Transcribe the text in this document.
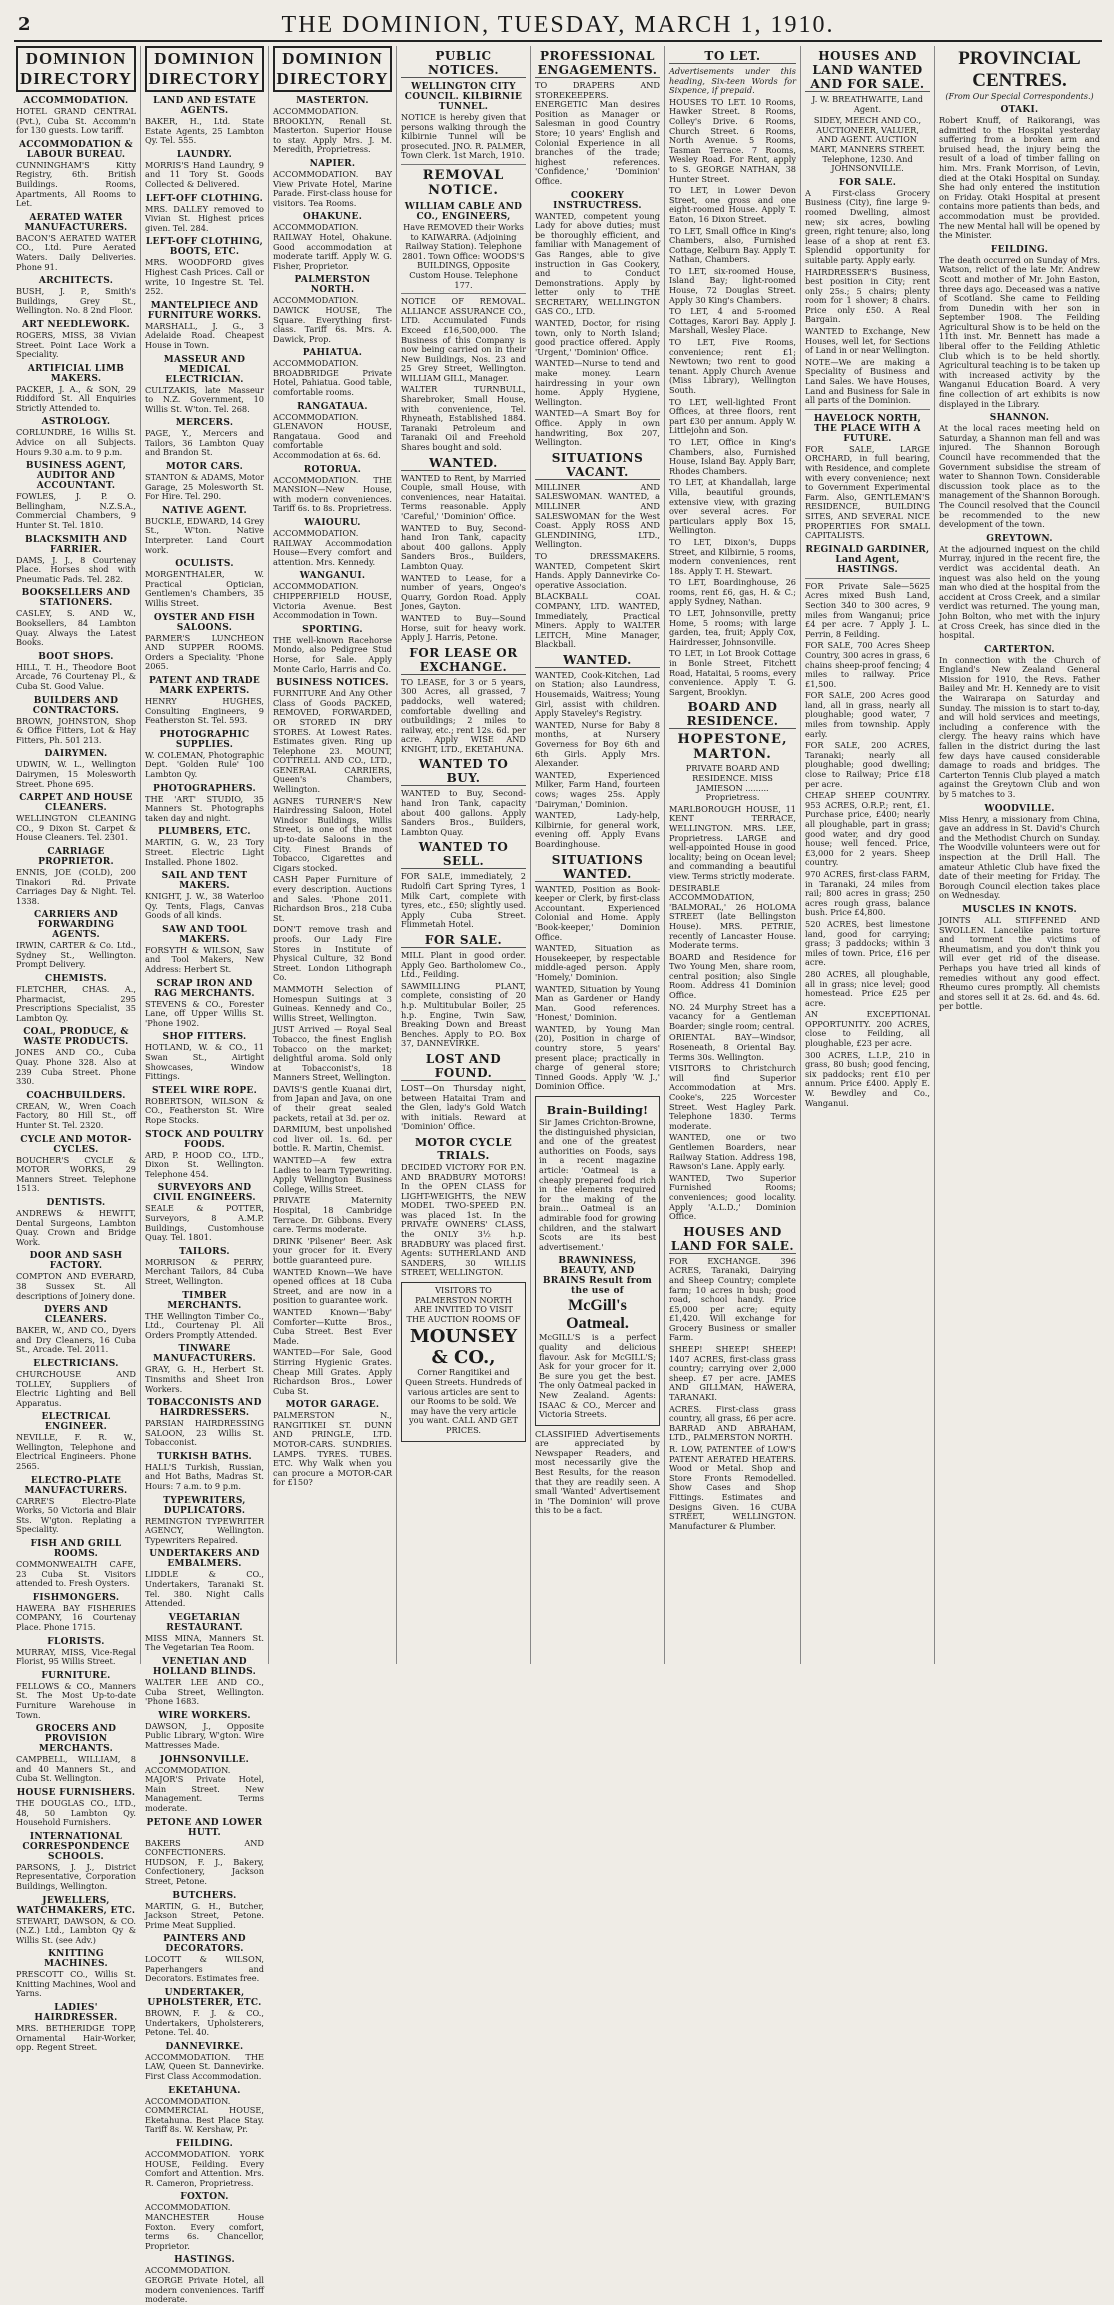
2	THE DOMINION, TUESDAY, MARCH 1, 1910.
DOMINION DIRECTORY
ACCOMMODATION.

HOTEL GRAND CENTRAL (Pvt.), Cuba St. Accomm'n for 130 guests. Low tariff.

ACCOMMODATION & LABOUR BUREAU.

CUNNINGHAM'S Kitty Registry, 6th. British Buildings. Rooms, Apartments, All Rooms to Let.

AERATED WATER MANUFACTURERS.

BACON'S AERATED WATER CO., Ltd. Pure Aerated Waters. Daily Deliveries. Phone 91.

ARCHITECTS.

BUSH, J. P., Smith's Buildings, Grey St., Wellington. No. 8 2nd Floor.

ART NEEDLEWORK.

ROGERS, MISS, 38 Vivian Street. Point Lace Work a Speciality.

ARTIFICIAL LIMB MAKERS.

PACKER, J. A., & SON, 29 Riddiford St. All Enquiries Strictly Attended to.

ASTROLOGY.

CORLUNDRE, 16 Willis St. Advice on all Subjects. Hours 9.30 a.m. to 9 p.m.

BUSINESS AGENT, AUDITOR AND ACCOUNTANT.

FOWLES, J. P. O. Bellingham, N.Z.S.A., Commercial Chambers, 9 Hunter St. Tel. 1810.

BLACKSMITH AND FARRIER.

DAMS, J. J., 8 Courtenay Place. Horses shod with Pneumatic Pads. Tel. 282.

BOOKSELLERS AND STATIONERS.

CASLEY, S. AND W., Booksellers, 84 Lambton Quay. Always the Latest Books.

BOOT SHOPS.

HILL, T. H., Theodore Boot Arcade, 76 Courtenay Pl., & Cuba St. Good Value.

BUILDERS AND CONTRACTORS.

BROWN, JOHNSTON, Shop & Office Fitters, Lot & Hay Fitters, Ph. 501 213.

DAIRYMEN.

UDWIN, W. L., Wellington Dairymen, 15 Molesworth Street. Phone 695.

CARPET AND HOUSE CLEANERS.

WELLINGTON CLEANING CO., 9 Dixon St. Carpet & House Cleaners. Tel. 2301.

CARRIAGE PROPRIETOR.

ENNIS, JOE (COLD), 200 Tinakori Rd. Private Carriages Day & Night. Tel. 1338.

CARRIERS AND FORWARDING AGENTS.

IRWIN, CARTER & Co. Ltd., Sydney St., Wellington. Prompt Delivery.

CHEMISTS.

FLETCHER, CHAS. A., Pharmacist, 295 Prescriptions Specialist, 35 Lambton Qy.

COAL, PRODUCE, & WASTE PRODUCTS.

JONES AND CO., Cuba Quay. Phone 328. Also at 239 Cuba Street. Phone 330.

COACHBUILDERS.

CREAN, W., Wren Coach Factory, 80 Hill St., off Hunter St. Tel. 2320.

CYCLE AND MOTOR-CYCLES.

BOUCHER'S CYCLE & MOTOR WORKS, 29 Manners Street. Telephone 1513.

DENTISTS.

ANDREWS & HEWITT, Dental Surgeons, Lambton Quay. Crown and Bridge Work.

DOOR AND SASH FACTORY.

COMPTON AND EVERARD, 38 Sussex St. All descriptions of Joinery done.

DYERS AND CLEANERS.

BAKER, W., AND CO., Dyers and Dry Cleaners, 16 Cuba St., Arcade. Tel. 2011.

ELECTRICIANS.

CHURCHOUSE AND TOLLEY, Suppliers of Electric Lighting and Bell Apparatus.

ELECTRICAL ENGINEER.

NEVILLE, F. R. W., Wellington, Telephone and Electrical Engineers. Phone 2565.

ELECTRO-PLATE MANUFACTURERS.

CARRE'S Electro-Plate Works, 50 Victoria and Blair Sts. W'gton. Replating a Speciality.

FISH AND GRILL ROOMS.

COMMONWEALTH CAFE, 23 Cuba St. Visitors attended to. Fresh Oysters.

FISHMONGERS.

HAWERA BAY FISHERIES COMPANY, 16 Courtenay Place. Phone 1715.

FLORISTS.

MURRAY, MISS, Vice-Regal Florist, 95 Willis Street.

FURNITURE.

FELLOWS & CO., Manners St. The Most Up-to-date Furniture Warehouse in Town.

GROCERS AND PROVISION MERCHANTS.

CAMPBELL, WILLIAM, 8 and 40 Manners St., and Cuba St. Wellington.

HOUSE FURNISHERS.

THE DOUGLAS CO., LTD., 48, 50 Lambton Qy. Household Furnishers.

INTERNATIONAL CORRESPONDENCE SCHOOLS.

PARSONS, J. J., District Representative, Corporation Buildings, Wellington.

JEWELLERS, WATCHMAKERS, ETC.

STEWART, DAWSON, & CO. (N.Z.) Ltd., Lambton Qy & Willis St. (see Adv.)

KNITTING MACHINES.

PRESCOTT CO., Willis St. Knitting Machines, Wool and Yarns.

LADIES' HAIRDRESSER.

MRS. BETHERIDGE TOPP, Ornamental Hair-Worker, opp. Regent Street.

DOMINION DIRECTORY
LAND AND ESTATE AGENTS.

BAKER, H., Ltd. State Estate Agents, 25 Lambton Qy. Tel. 555.

LAUNDRY.

MORRIS'S Hand Laundry, 9 and 11 Tory St. Goods Collected & Delivered.

LEFT-OFF CLOTHING.

MRS. DALLEY removed to Vivian St. Highest prices given. Tel. 284.

LEFT-OFF CLOTHING, BOOTS, ETC.

MRS. WOODFORD gives Highest Cash Prices. Call or write, 10 Ingestre St. Tel. 252.

MANTELPIECE AND FURNITURE WORKS.

MARSHALL, J. G., 3 Adelaide Road. Cheapest House in Town.

MASSEUR AND MEDICAL ELECTRICIAN.

CULTZAKIS, late Masseur to N.Z. Government, 10 Willis St. W'ton. Tel. 268.

MERCERS.

PAGE, Y., Mercers and Tailors, 36 Lambton Quay and Brandon St.

MOTOR CARS.

STANTON & ADAMS, Motor Garage, 25 Molesworth St. For Hire. Tel. 290.

NATIVE AGENT.

BUCKLE, EDWARD, 14 Grey St., W'ton. Native Interpreter. Land Court work.

OCULISTS.

MORGENTHALER, W. Practical Optician, Gentlemen's Chambers, 35 Willis Street.

OYSTER AND FISH SALOONS.

PARMER'S LUNCHEON AND SUPPER ROOMS. Orders a Speciality. 'Phone 2065.

PATENT AND TRADE MARK EXPERTS.

HENRY HUGHES, Consulting Engineers, 9 Featherston St. Tel. 593.

PHOTOGRAPHIC SUPPLIES.

W. COLEMAN, Photographic Dept. 'Golden Rule' 100 Lambton Qy.

PHOTOGRAPHERS.

THE 'ART' STUDIO, 35 Manners St. Photographs taken day and night.

PLUMBERS, ETC.

MARTIN, G. W., 23 Tory Street. Electric Light Installed. Phone 1802.

SAIL AND TENT MAKERS.

KNIGHT, J. W., 38 Waterloo Qy. Tents, Flags, Canvas Goods of all kinds.

SAW AND TOOL MAKERS.

FORSYTH & WILSON, Saw and Tool Makers, New Address: Herbert St.

SCRAP IRON AND RAG MERCHANTS.

STEVENS & CO., Forester Lane, off Upper Willis St. 'Phone 1902.

SHOP FITTERS.

HOTLAND, W. & CO., 11 Swan St., Airtight Showcases, Window Fittings.

STEEL WIRE ROPE.

ROBERTSON, WILSON & CO., Featherston St. Wire Rope Stocks.

STOCK AND POULTRY FOODS.

ARD, P. HOOD CO., LTD., Dixon St. Wellington. Telephone 454.

SURVEYORS AND CIVIL ENGINEERS.

SEALE & POTTER, Surveyors, 8 A.M.P. Buildings, Customhouse Quay. Tel. 1801.

TAILORS.

MORRISON & PERRY, Merchant Tailors, 84 Cuba Street, Wellington.

TIMBER MERCHANTS.

THE Wellington Timber Co., Ltd., Courtenay Pl. All Orders Promptly Attended.

TINWARE MANUFACTURERS.

GRAY, G. H., Herbert St. Tinsmiths and Sheet Iron Workers.

TOBACCONISTS AND HAIRDRESSERS.

PARSIAN HAIRDRESSING SALOON, 23 Willis St. Tobacconist.

TURKISH BATHS.

HALL'S Turkish, Russian, and Hot Baths, Madras St. Hours: 7 a.m. to 9 p.m.

TYPEWRITERS, DUPLICATORS.

REMINGTON TYPEWRITER AGENCY, Wellington. Typewriters Repaired.

UNDERTAKERS AND EMBALMERS.

LIDDLE & CO., Undertakers, Taranaki St. Tel. 380. Night Calls Attended.

VEGETARIAN RESTAURANT.

MISS MINA, Manners St. The Vegetarian Tea Room.

VENETIAN AND HOLLAND BLINDS.

WALTER LEE AND CO., Cuba Street, Wellington. 'Phone 1683.

WIRE WORKERS.

DAWSON, J., Opposite Public Library, W'gton. Wire Mattresses Made.

JOHNSONVILLE.

ACCOMMODATION. MAJOR'S Private Hotel, Main Street. New Management. Terms moderate.

PETONE AND LOWER HUTT.

BAKERS AND CONFECTIONERS. HUDSON, F. J., Bakery, Confectionery, Jackson Street, Petone.

BUTCHERS.

MARTIN, G. H., Butcher, Jackson Street, Petone. Prime Meat Supplied.

PAINTERS AND DECORATORS.

LOCOTT & WILSON, Paperhangers and Decorators. Estimates free.

UNDERTAKER, UPHOLSTERER, ETC.

BROWN, F. J. & CO., Undertakers, Upholsterers, Petone. Tel. 40.

DANNEVIRKE.

ACCOMMODATION. THE LAW, Queen St. Dannevirke. First Class Accommodation.

EKETAHUNA.

ACCOMMODATION. COMMERCIAL HOUSE, Eketahuna. Best Place Stay. Tariff 8s. W. Kershaw, Pr.

FEILDING.

ACCOMMODATION. YORK HOUSE, Feilding. Every Comfort and Attention. Mrs. R. Cameron, Proprietress.

FOXTON.

ACCOMMODATION. MANCHESTER House Foxton. Every comfort, terms 6s. Chancellor, Proprietor.

HASTINGS.

ACCOMMODATION. GEORGE Private Hotel, all modern conveniences. Tariff moderate.

DOMINION DIRECTORY
MASTERTON.

ACCOMMODATION. BROOKLYN, Renall St. Masterton. Superior House to stay. Apply Mrs. J. M. Meredith, Proprietress.

NAPIER.

ACCOMMODATION. BAY View Private Hotel, Marine Parade. First-class house for visitors. Tea Rooms.

OHAKUNE.

ACCOMMODATION. RAILWAY Hotel, Ohakune. Good accommodation at moderate tariff. Apply W. G. Fisher, Proprietor.

PALMERSTON NORTH.

ACCOMMODATION. DAWICK HOUSE, The Square. Everything first-class. Tariff 6s. Mrs. A. Dawick, Prop.

PAHIATUA.

ACCOMMODATION. BROADBRIDGE Private Hotel, Pahiatua. Good table, comfortable rooms.

RANGATAUA.

ACCOMMODATION. GLENAVON HOUSE, Rangataua. Good and comfortable Accommodation at 6s. 6d.

ROTORUA.

ACCOMMODATION. THE MANSION—New House, with modern conveniences. Tariff 6s. to 8s. Proprietress.

WAIOURU.

ACCOMMODATION. RAILWAY Accommodation House—Every comfort and attention. Mrs. Kennedy.

WANGANUI.

ACCOMMODATION. CHIPPERFIELD HOUSE, Victoria Avenue. Best Accommodation in Town.

SPORTING.

THE well-known Racehorse Mondo, also Pedigree Stud Horse, for Sale. Apply Monte Carlo, Harris and Co.

BUSINESS NOTICES.

FURNITURE And Any Other Class of Goods PACKED, REMOVED, FORWARDED, OR STORED IN DRY STORES. At Lowest Rates. Estimates given. Ring up Telephone 23. MOUNT, COTTRELL AND CO., LTD., GENERAL CARRIERS, Queen's Chambers, Wellington.

AGNES TURNER'S New Hairdressing Saloon, Hotel Windsor Buildings, Willis Street, is one of the most up-to-date Saloons in the City. Finest Brands of Tobacco, Cigarettes and Cigars stocked.

CASH Paper Furniture of every description. Auctions and Sales. 'Phone 2011. Richardson Bros., 218 Cuba St.

DON'T remove trash and proofs. Our Lady Fire Stores in Institute of Physical Culture, 32 Bond Street. London Lithograph Co.

MAMMOTH Selection of Homespun Suitings at 3 Guineas. Kennedy and Co., Willis Street, Wellington.

JUST Arrived — Royal Seal Tobacco, the finest English Tobacco on the market; delightful aroma. Sold only at Tobacconist's, 18 Manners Street, Wellington.

DAVIS'S gentle Kuanai dirt, from Japan and Java, on one of their great sealed packets, retail at 3d. per oz.

DARMIUM, best unpolished cod liver oil. 1s. 6d. per bottle. R. Martin, Chemist.

WANTED—A few extra Ladies to learn Typewriting. Apply Wellington Business College, Willis Street.

PRIVATE Maternity Hospital, 18 Cambridge Terrace. Dr. Gibbons. Every care. Terms moderate.

DRINK 'Pilsener' Beer. Ask your grocer for it. Every bottle guaranteed pure.

WANTED Known—We have opened offices at 18 Cuba Street, and are now in a position to guarantee work.

WANTED Known—'Baby' Comforter—Kutte Bros., Cuba Street. Best Ever Made.

WANTED—For Sale, Good Stirring Hygienic Grates. Cheap Mill Grates. Apply Richardson Bros., Lower Cuba St.

MOTOR GARAGE.

PALMERSTON N., RANGITIKEI ST. DUNN AND PRINGLE, LTD. MOTOR-CARS. SUNDRIES. LAMPS. TYRES. TUBES. ETC. Why Walk when you can procure a MOTOR-CAR for £150?

PUBLIC NOTICES.
WELLINGTON CITY COUNCIL. KILBIRNIE TUNNEL.

NOTICE is hereby given that persons walking through the Kilbirnie Tunnel will be prosecuted. JNO. R. PALMER, Town Clerk. 1st March, 1910.

REMOVAL NOTICE.
WILLIAM CABLE AND CO., ENGINEERS,

Have REMOVED their Works to KAIWARRA. (Adjoining Railway Station). Telephone 2801. Town Office: WOODS'S BUILDINGS, Opposite Custom House. Telephone 177.

NOTICE OF REMOVAL. ALLIANCE ASSURANCE CO., LTD. Accumulated Funds Exceed £16,500,000. The Business of this Company is now being carried on in their New Buildings, Nos. 23 and 25 Grey Street, Wellington. WILLIAM GILL, Manager.

WALTER TURNBULL, Sharebroker, Small House, with convenience, Tel. Rhyneath, Established 1884. Taranaki Petroleum and Taranaki Oil and Freehold Shares bought and sold.

WANTED.

WANTED to Rent, by Married Couple, small House, with conveniences, near Hataitai. Terms reasonable. Apply 'Careful,' 'Dominion' Office.

WANTED to Buy, Second-hand Iron Tank, capacity about 400 gallons. Apply Sanders Bros., Builders, Lambton Quay.

WANTED to Lease, for a number of years, Ongeo's Quarry, Gordon Road. Apply Jones, Gayton.

WANTED to Buy—Sound Horse, suit for heavy work. Apply J. Harris, Petone.

FOR LEASE OR EXCHANGE.

TO LEASE, for 3 or 5 years, 300 Acres, all grassed, 7 paddocks, well watered; comfortable dwelling and outbuildings; 2 miles to railway, etc.; rent 12s. 6d. per acre. Apply WISE AND KNIGHT, LTD., EKETAHUNA.

WANTED TO BUY.

WANTED to Buy, Second-hand Iron Tank, capacity about 400 gallons. Apply Sanders Bros., Builders, Lambton Quay.

WANTED TO SELL.

FOR SALE, immediately, 2 Rudolfi Cart Spring Tyres, 1 Milk Cart, complete with tyres, etc., £50; slightly used. Apply Cuba Street. Flimmetah Hotel.

FOR SALE.

MILL Plant in good order. Apply Geo. Bartholomew Co., Ltd., Feilding.

SAWMILLING PLANT, complete, consisting of 20 h.p. Multitubular Boiler, 25 h.p. Engine, Twin Saw, Breaking Down and Breast Benches. Apply to P.O. Box 37, DANNEVIRKE.

LOST AND FOUND.

LOST—On Thursday night, between Hataitai Tram and the Glen, lady's Gold Watch with initials. Reward at 'Dominion' Office.

MOTOR CYCLE TRIALS.

DECIDED VICTORY FOR P.N. AND BRADBURY MOTORS! In the OPEN CLASS for LIGHT-WEIGHTS, the NEW MODEL TWO-SPEED P.N. was placed 1st. In the PRIVATE OWNERS' CLASS, the ONLY 3½ h.p. BRADBURY was placed first. Agents: SUTHERLAND AND SANDERS, 30 WILLIS STREET, WELLINGTON.

VISITORS TO PALMERSTON NORTH ARE INVITED TO VISIT THE AUCTION ROOMS OF
MOUNSEY & CO.,
Corner Rangitikei and Queen Streets. Hundreds of various articles are sent to our Rooms to be sold. We may have the very article you want. CALL AND GET PRICES.
PROFESSIONAL ENGAGEMENTS.

TO DRAPERS AND STOREKEEPERS. ENERGETIC Man desires Position as Manager or Salesman in good Country Store; 10 years' English and Colonial Experience in all branches of the trade; highest references. 'Confidence,' 'Dominion' Office.

COOKERY INSTRUCTRESS.

WANTED, competent young Lady for above duties; must be thoroughly efficient, and familiar with Management of Gas Ranges, able to give instruction in Gas Cookery, and to Conduct Demonstrations. Apply by letter only to THE SECRETARY, WELLINGTON GAS CO., LTD.

WANTED, Doctor, for rising town, only to North Island; good practice offered. Apply 'Urgent,' 'Dominion' Office.

WANTED—Nurse to tend and make money. Learn hairdressing in your own home. Apply Hygiene, Wellington.

WANTED—A Smart Boy for Office. Apply in own handwriting, Box 207, Wellington.

SITUATIONS VACANT.

MILLINER AND SALESWOMAN. WANTED, a MILLINER AND SALESWOMAN for the West Coast. Apply ROSS AND GLENDINING, LTD., Wellington.

TO DRESSMAKERS. WANTED, Competent Skirt Hands. Apply Dannevirke Co-operative Association.

BLACKBALL COAL COMPANY, LTD. WANTED, Immediately, Practical Miners. Apply to WALTER LEITCH, Mine Manager, Blackball.

WANTED.

WANTED, Cook-Kitchen, Lad on Station; also Laundress, Housemaids, Waitress; Young Girl, assist with children. Apply Staveley's Registry.

WANTED, Nurse for Baby 8 months, at Nursery Governess for Boy 6th and 6th Girls. Apply Mrs. Alexander.

WANTED, Experienced Milker, Farm Hand, fourteen cows; wages 25s. Apply 'Dairyman,' Dominion.

WANTED, Lady-help, Kilbirnie, for general work, evening off. Apply Evans Boardinghouse.

SITUATIONS WANTED.

WANTED, Position as Book-keeper or Clerk, by first-class Accountant. Experienced Colonial and Home. Apply 'Book-keeper,' Dominion Office.

WANTED, Situation as Housekeeper, by respectable middle-aged person. Apply 'Homely,' Dominion.

WANTED, Situation by Young Man as Gardener or Handy Man. Good references. 'Honest,' Dominion.

WANTED, by Young Man (20), Position in charge of country store, 5 years' present place; practically in charge of general store; Tinned Goods. Apply 'W. J.,' Dominion Office.

Brain-Building!

Sir James Crichton-Browne, the distinguished physician, and one of the greatest authorities on Foods, says in a recent magazine article: 'Oatmeal is a cheaply prepared food rich in the elements required for the making of the brain... Oatmeal is an admirable food for growing children, and the stalwart Scots are its best advertisement.'

BRAWNINESS, BEAUTY, AND BRAINS Result from the use of
McGill's Oatmeal.

McGILL'S is a perfect quality and delicious flavour. Ask for McGILL'S; Ask for your grocer for it. Be sure you get the best. The only Oatmeal packed in New Zealand. Agents: ISAAC & CO., Mercer and Victoria Streets.

CLASSIFIED Advertisements are appreciated by Newspaper Readers, and most necessarily give the Best Results, for the reason that they are readily seen. A small 'Wanted' Advertisement in 'The Dominion' will prove this to be a fact.

TO LET.

Advertisements under this heading, Six-teen Words for Sixpence, if prepaid.

HOUSES TO LET. 10 Rooms, Hawker Street. 8 Rooms, Colley's Drive. 6 Rooms, Church Street. 6 Rooms, North Avenue. 5 Rooms, Tasman Terrace. 7 Rooms, Wesley Road. For Rent, apply to S. GEORGE NATHAN, 38 Hunter Street.

TO LET, in Lower Devon Street, one gross and one eight-roomed House. Apply T. Eaton, 16 Dixon Street.

TO LET, Small Office in King's Chambers, also, Furnished Cottage, Kelburn Bay. Apply T. Nathan, Chambers.

TO LET, six-roomed House, Island Bay; light-roomed House, 72 Douglas Street. Apply 30 King's Chambers.

TO LET, 4 and 5-roomed Cottages, Karori Bay. Apply J. Marshall, Wesley Place.

TO LET, Five Rooms, convenience; rent £1; Newtown; two rent to good tenant. Apply Church Avenue (Miss Library), Wellington South.

TO LET, well-lighted Front Offices, at three floors, rent part £30 per annum. Apply W. Littlejohn and Son.

TO LET, Office in King's Chambers, also, Furnished House, Island Bay. Apply Barr, Rhodes Chambers.

TO LET, at Khandallah, large Villa, beautiful grounds, extensive view, with grazing over several acres. For particulars apply Box 15, Wellington.

TO LET, Dixon's, Dupps Street, and Kilbirnie, 5 rooms, modern conveniences, rent 18s. Apply T. H. Stewart.

TO LET, Boardinghouse, 26 rooms, rent £6, gas, H. & C.; apply Sydney, Nathan.

TO LET, Johnsonville, pretty Home, 5 rooms; with large garden, tea, fruit; Apply Cox, Hairdresser, Johnsonville.

TO LET, in Lot Brook Cottage in Bonle Street, Fitchett Road, Hataitai, 5 rooms, every convenience. Apply T. G. Sargent, Brooklyn.

BOARD AND RESIDENCE.
HOPESTONE, MARTON.

PRIVATE BOARD AND RESIDENCE. MISS JAMIESON ......... Proprietress.

MARLBOROUGH HOUSE, 11 KENT TERRACE, WELLINGTON. MRS. LEE, Proprietress. LARGE and well-appointed House in good locality; being on Ocean level; and commanding a beautiful view. Terms strictly moderate.

DESIRABLE ACCOMMODATION, 'BALMORAL,' 26 HOLOMA STREET (late Bellingston House). MRS. PETRIE, recently of Lancaster House. Moderate terms.

BOARD and Residence for Two Young Men, share room, central position; also Single Room. Address 41 Dominion Office.

NO. 24 Murphy Street has a vacancy for a Gentleman Boarder; single room; central.

ORIENTAL BAY—Windsor, Roseneath, 8 Oriental Bay. Terms 30s. Wellington.

VISITORS to Christchurch will find Superior Accommodation at Mrs. Cooke's, 225 Worcester Street. West Hagley Park. Telephone 1830. Terms moderate.

WANTED, one or two Gentlemen Boarders, near Railway Station. Address 198, Rawson's Lane. Apply early.

WANTED, Two Superior Furnished Rooms; conveniences; good locality. Apply 'A.L.D.,' Dominion Office.

HOUSES AND LAND FOR SALE.

FOR EXCHANGE. 396 ACRES, Taranaki, Dairying and Sheep Country; complete farm; 10 acres in bush; good road, school handy. Price £5,000 per acre; equity £1,420. Will exchange for Grocery Business or smaller Farm.

SHEEP! SHEEP! SHEEP! 1407 ACRES, first-class grass country; carrying over 2,000 sheep. £7 per acre. JAMES AND GILLMAN, HAWERA, TARANAKI.

ACRES. First-class grass country, all grass, £6 per acre. BARRAD AND ABRAHAM, LTD., PALMERSTON NORTH.

R. LOW, PATENTEE of LOW'S PATENT AERATED HEATERS. Wood or Metal. Shop and Store Fronts Remodelled. Show Cases and Shop Fittings. Estimates and Designs Given. 16 CUBA STREET, WELLINGTON. Manufacturer & Plumber.

HOUSES AND LAND WANTED AND FOR SALE.

J. W. BREATHWAITE, Land Agent.

SIDEY, MEECH AND CO., AUCTIONEER, VALUER, AND AGENT. AUCTION MART, MANNERS STREET. Telephone, 1230. And JOHNSONVILLE.

FOR SALE.

A First-class Grocery Business (City), fine large 9-roomed Dwelling, almost new; six acres, bowling green, right tenure; also, long lease of a shop at rent £3. Splendid opportunity for suitable party. Apply early.

HAIRDRESSER'S Business, best position in City; rent only 25s.; 5 chairs; plenty room for 1 shower; 8 chairs. Price only £50. A Real Bargain.

WANTED to Exchange, New Houses, well let, for Sections of Land in or near Wellington.

NOTE—We are making a Speciality of Business and Land Sales. We have Houses, Land and Business for Sale in all parts of the Dominion.

HAVELOCK NORTH, THE PLACE WITH A FUTURE.

FOR SALE, LARGE ORCHARD, in full bearing, with Residence, and complete with every convenience; next to Government Experimental Farm. Also, GENTLEMAN'S RESIDENCE, BUILDING SITES, AND SEVERAL NICE PROPERTIES FOR SMALL CAPITALISTS.

REGINALD GARDINER, Land Agent, HASTINGS.

FOR Private Sale—5625 Acres mixed Bush Land, Section 340 to 300 acres, 9 miles from Wanganui; price £4 per acre. 7 Apply J. L. Perrin, 8 Feilding.

FOR SALE, 700 Acres Sheep Country, 300 acres in grass, 6 chains sheep-proof fencing; 4 miles to railway. Price £1,500.

FOR SALE, 200 Acres good land, all in grass, nearly all ploughable; good water, 7 miles from township. Apply early.

FOR SALE, 200 ACRES, Taranaki; nearly all ploughable; good dwelling; close to Railway; Price £18 per acre.

CHEAP SHEEP COUNTRY. 953 ACRES, O.R.P.; rent, £1. Purchase price, £400; nearly all ploughable, part in grass; good water, and dry good house; well fenced. Price, £3,000 for 2 years. Sheep country.

970 ACRES, first-class FARM, in Taranaki, 24 miles from rail; 800 acres in grass; 250 acres rough grass, balance bush. Price £4,800.

520 ACRES, best limestone land, good for carrying; grass; 3 paddocks; within 3 miles of town. Price, £16 per acre.

280 ACRES, all ploughable, all in grass; nice level; good homestead. Price £25 per acre.

AN EXCEPTIONAL OPPORTUNITY. 200 ACRES, close to Feilding, all ploughable, £23 per acre.

300 ACRES, L.I.P., 210 in grass, 80 bush; good fencing, six paddocks; rent £10 per annum. Price £400. Apply E. W. Bewdley and Co., Wanganui.

PROVINCIAL CENTRES.
(From Our Special Correspondents.)
OTAKI.

Robert Knuff, of Raikorangi, was admitted to the Hospital yesterday suffering from a broken arm and bruised head, the injury being the result of a load of timber falling on him. Mrs. Frank Morrison, of Levin, died at the Otaki Hospital on Sunday. She had only entered the institution on Friday. Otaki Hospital at present contains more patients than beds, and accommodation must be provided. The new Mental hall will be opened by the Minister.

FEILDING.

The death occurred on Sunday of Mrs. Watson, relict of the late Mr. Andrew Scott and mother of Mr. John Easton, three days ago. Deceased was a native of Scotland. She came to Feilding from Dunedin with her son in September 1908. The Feilding Agricultural Show is to be held on the 11th inst. Mr. Bennett has made a liberal offer to the Feilding Athletic Club which is to be held shortly. Agricultural teaching is to be taken up with increased activity by the Wanganui Education Board. A very fine collection of art exhibits is now displayed in the Library.

SHANNON.

At the local races meeting held on Saturday, a Shannon man fell and was injured. The Shannon Borough Council have recommended that the Government subsidise the stream of water to Shannon Town. Considerable discussion took place as to the management of the Shannon Borough. The Council resolved that the Council be recommended to the new development of the town.

GREYTOWN.

At the adjourned inquest on the child Murray, injured in the recent fire, the verdict was accidental death. An inquest was also held on the young man who died at the hospital from the accident at Cross Creek, and a similar verdict was returned. The young man, John Bolton, who met with the injury at Cross Creek, has since died in the hospital.

CARTERTON.

In connection with the Church of England's New Zealand General Mission for 1910, the Revs. Father Bailey and Mr. H. Kennedy are to visit the Wairarapa on Saturday and Sunday. The mission is to start to-day, and will hold services and meetings, including a conference with the clergy. The heavy rains which have fallen in the district during the last few days have caused considerable damage to roads and bridges. The Carterton Tennis Club played a match against the Greytown Club and won by 5 matches to 3.

WOODVILLE.

Miss Henry, a missionary from China, gave an address in St. David's Church and the Methodist Church on Sunday. The Woodville volunteers were out for inspection at the Drill Hall. The amateur Athletic Club have fixed the date of their meeting for Friday. The Borough Council election takes place on Wednesday.

MUSCLES IN KNOTS.

JOINTS ALL STIFFENED AND SWOLLEN. Lancelike pains torture and torment the victims of Rheumatism, and you don't think you will ever get rid of the disease. Perhaps you have tried all kinds of remedies without any good effect. Rheumo cures promptly. All chemists and stores sell it at 2s. 6d. and 4s. 6d. per bottle.
